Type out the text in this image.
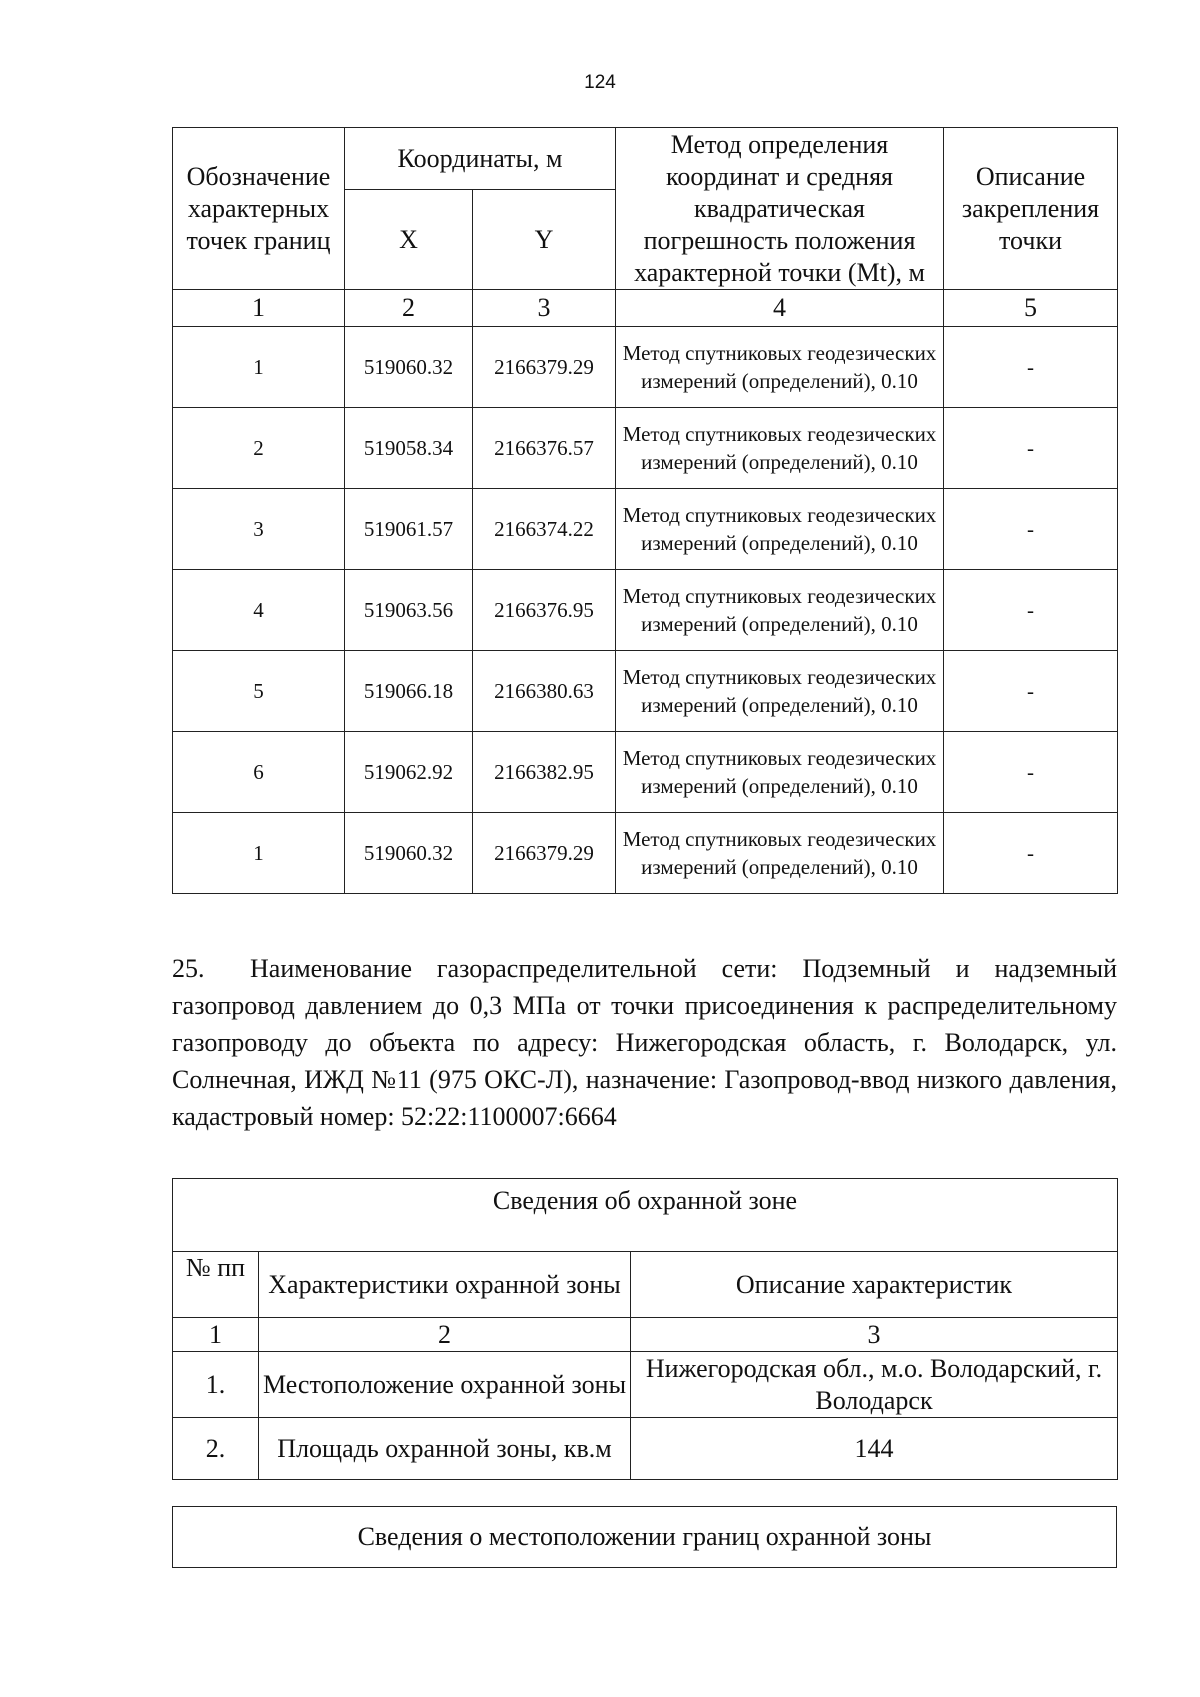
124
Обозначение характерных точек границ	Координаты, м		Метод определения координат и средняя квадратическая погрешность положения характерной точки (Mt), м	Описание закрепления точки
	X	Y		
1	2	3	4	5
1	519060.32	2166379.29	Метод спутниковых геодезических измерений (определений), 0.10	-
2	519058.34	2166376.57	Метод спутниковых геодезических измерений (определений), 0.10	-
3	519061.57	2166374.22	Метод спутниковых геодезических измерений (определений), 0.10	-
4	519063.56	2166376.95	Метод спутниковых геодезических измерений (определений), 0.10	-
5	519066.18	2166380.63	Метод спутниковых геодезических измерений (определений), 0.10	-
6	519062.92	2166382.95	Метод спутниковых геодезических измерений (определений), 0.10	-
1	519060.32	2166379.29	Метод спутниковых геодезических измерений (определений), 0.10	-

25. Наименование газораспределительной сети: Подземный и надземный газопровод давлением до 0,3 МПа от точки присоединения к распределительному газопроводу до объекта по адресу: Нижегородская область, г. Володарск, ул. Солнечная, ИЖД №11 (975 ОКС-Л), назначение: Газопровод-ввод низкого давления, кадастровый номер: 52:22:1100007:6664

Сведения об охранной зоне		
№ пп	Характеристики охранной зоны	Описание характеристик
1	2	3
1.	Местоположение охранной зоны	Нижегородская обл., м.о. Володарский, г. Володарск
2.	Площадь охранной зоны, кв.м	144
Сведения о местоположении границ охранной зоны
